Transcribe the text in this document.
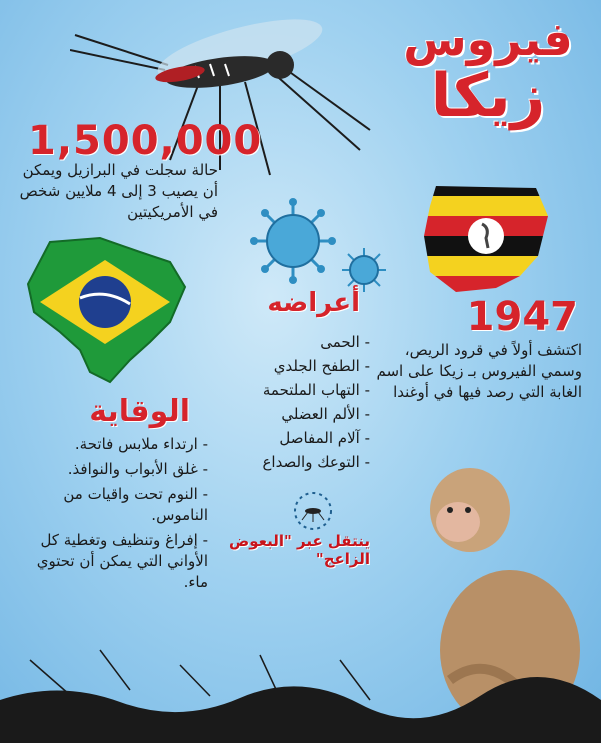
فيروس
زيكا
1,500,000
حالة سجلت في البرازيل ويمكن أن يصيب 3 إلى 4 ملايين شخص في الأمريكيتين
1947
اكتشف أولاً في قرود الريص، وسمي الفيروس بـ زيكا على اسم الغابة التي رصد فيها في أوغندا
أعراضه
- الحمى
- الطفح الجلدي
- التهاب الملتحمة
- الألم العضلي
- آلام المفاصل
- التوعك والصداع
الوقاية
- ارتداء ملابس فاتحة.
- غلق الأبواب والنوافذ.
- النوم تحت واقيات من الناموس.
- إفراغ وتنظيف وتغطية كل الأواني التي يمكن أن تحتوي ماء.
ينتقل عبر "البعوض الزاعج"
